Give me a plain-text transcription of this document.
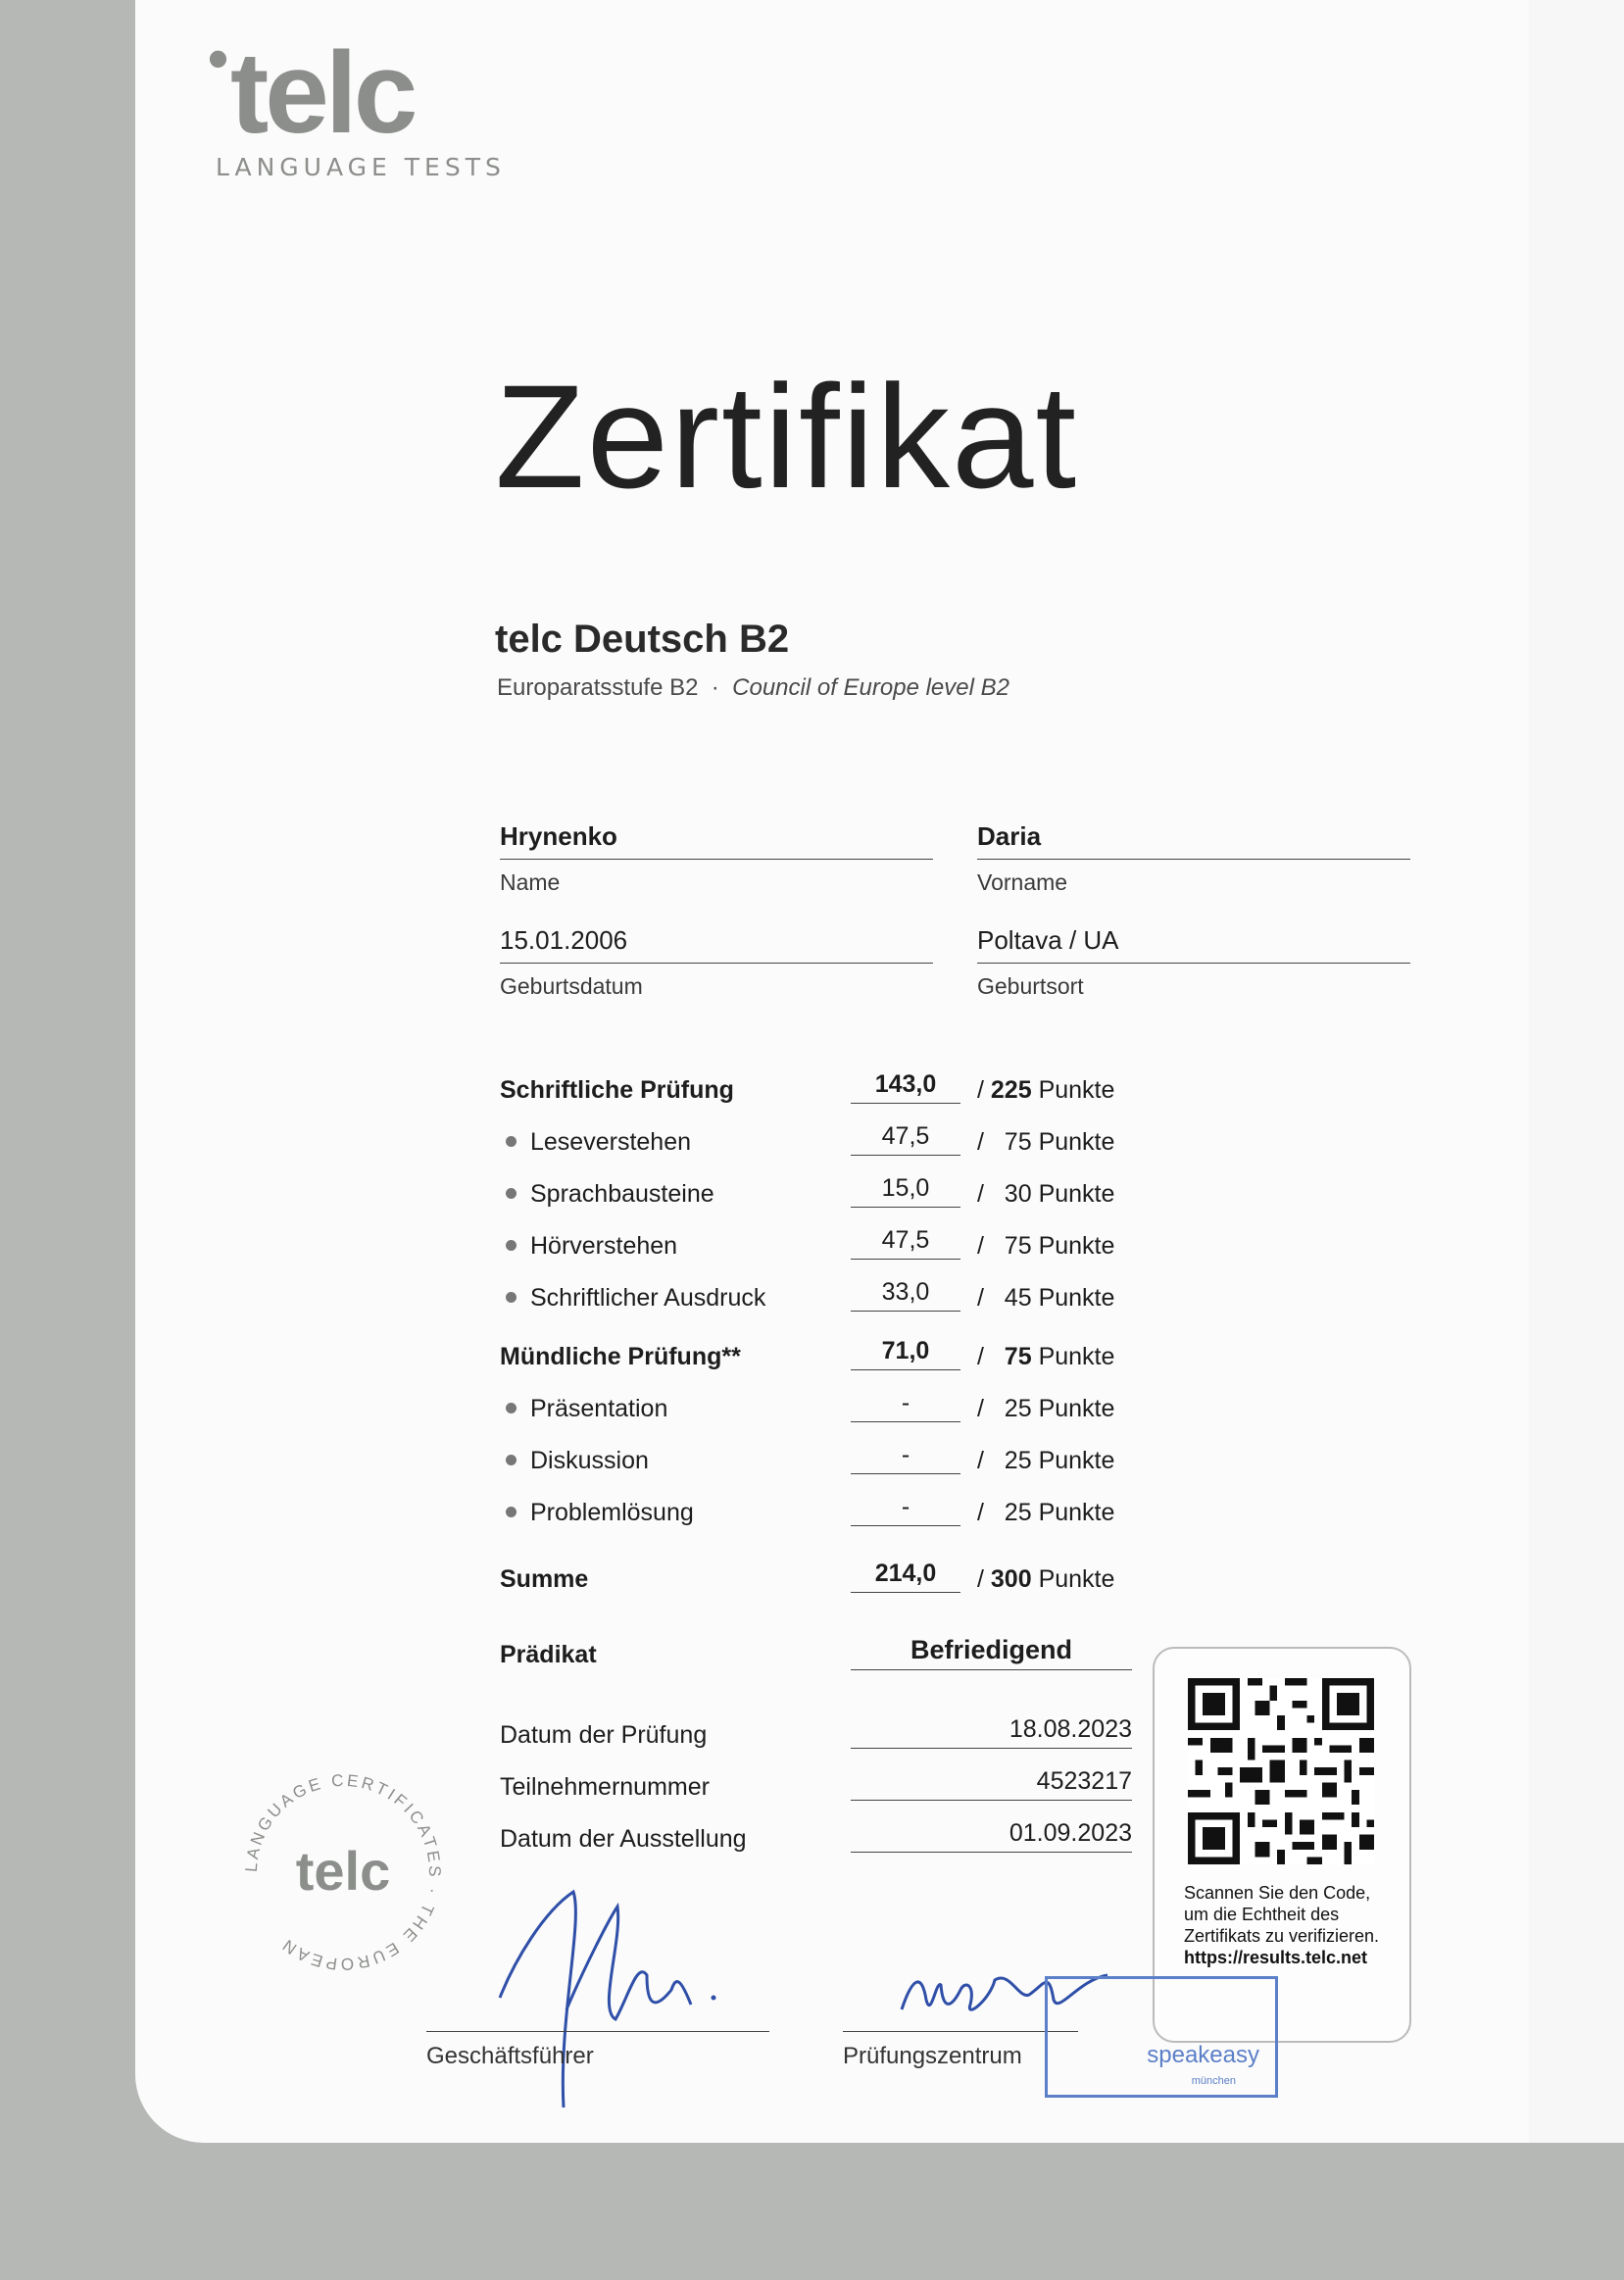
•telc
LANGUAGE TESTS
Zertifikat
telc Deutsch B2
Europaratsstufe B2 · Council of Europe level B2
Hrynenko
Name
Daria
Vorname
15.01.2006
Geburtsdatum
Poltava / UA
Geburtsort
Schriftliche Prüfung	143,0	/ 225 Punkte
Leseverstehen	47,5	/ 75 Punkte
Sprachbausteine	15,0	/ 30 Punkte
Hörverstehen	47,5	/ 75 Punkte
Schriftlicher Ausdruck	33,0	/ 45 Punkte
Mündliche Prüfung**	71,0	/ 75 Punkte
Präsentation	-	/ 25 Punkte
Diskussion	-	/ 25 Punkte
Problemlösung	-	/ 25 Punkte
Summe	214,0	/ 300 Punkte
Prädikat	Befriedigend
Datum der Prüfung	18.08.2023
Teilnehmernummer	4523217
Datum der Ausstellung	01.09.2023
Scannen Sie den Code, um die Echtheit des Zertifikats zu verifizieren.
https://results.telc.net
LANGUAGE CERTIFICATES · THE EUROPEAN
telc
Geschäftsführer	Prüfungszentrum	speakeasy
münchen
